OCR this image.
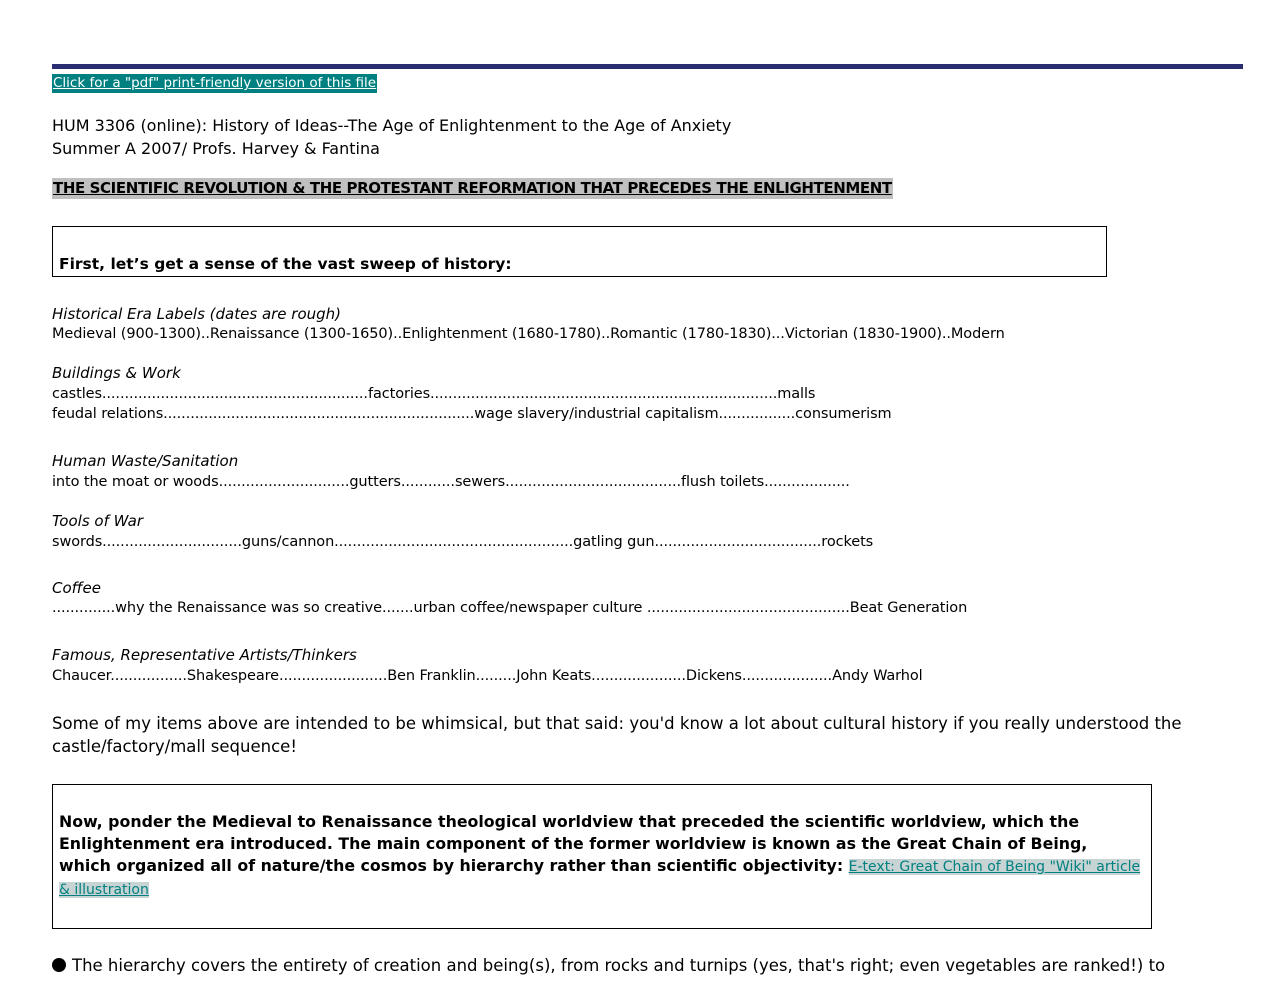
Click for a "pdf" print-friendly version of this file
HUM 3306 (online): History of Ideas--The Age of Enlightenment to the Age of Anxiety
Summer A 2007/ Profs. Harvey & Fantina
THE SCIENTIFIC REVOLUTION & THE PROTESTANT REFORMATION THAT PRECEDES THE ENLIGHTENMENT
First, let’s get a sense of the vast sweep of history:
Historical Era Labels (dates are rough)
Medieval (900-1300)..Renaissance (1300-1650)..Enlightenment (1680-1780)..Romantic (1780-1830)...Victorian (1830-1900)..Modern
Buildings & Work
castles...........................................................factories.............................................................................malls
feudal relations.....................................................................wage slavery/industrial capitalism.................consumerism
Human Waste/Sanitation
into the moat or woods.............................gutters............sewers.......................................flush toilets...................
Tools of War
swords...............................guns/cannon.....................................................gatling gun.....................................rockets
Coffee
..............why the Renaissance was so creative.......urban coffee/newspaper culture .............................................Beat Generation
Famous, Representative Artists/Thinkers
Chaucer.................Shakespeare........................Ben Franklin.........John Keats.....................Dickens....................Andy Warhol
Some of my items above are intended to be whimsical, but that said: you'd know a lot about cultural history if you really understood the
castle/factory/mall sequence!
Now, ponder the Medieval to Renaissance theological worldview that preceded the scientific worldview, which the Enlightenment era introduced. The main component of the former worldview is known as the Great Chain of Being, which organized all of nature/the cosmos by hierarchy rather than scientific objectivity: E-text: Great Chain of Being "Wiki" article & illustration
The hierarchy covers the entirety of creation and being(s), from rocks and turnips (yes, that's right; even vegetables are ranked!) to
